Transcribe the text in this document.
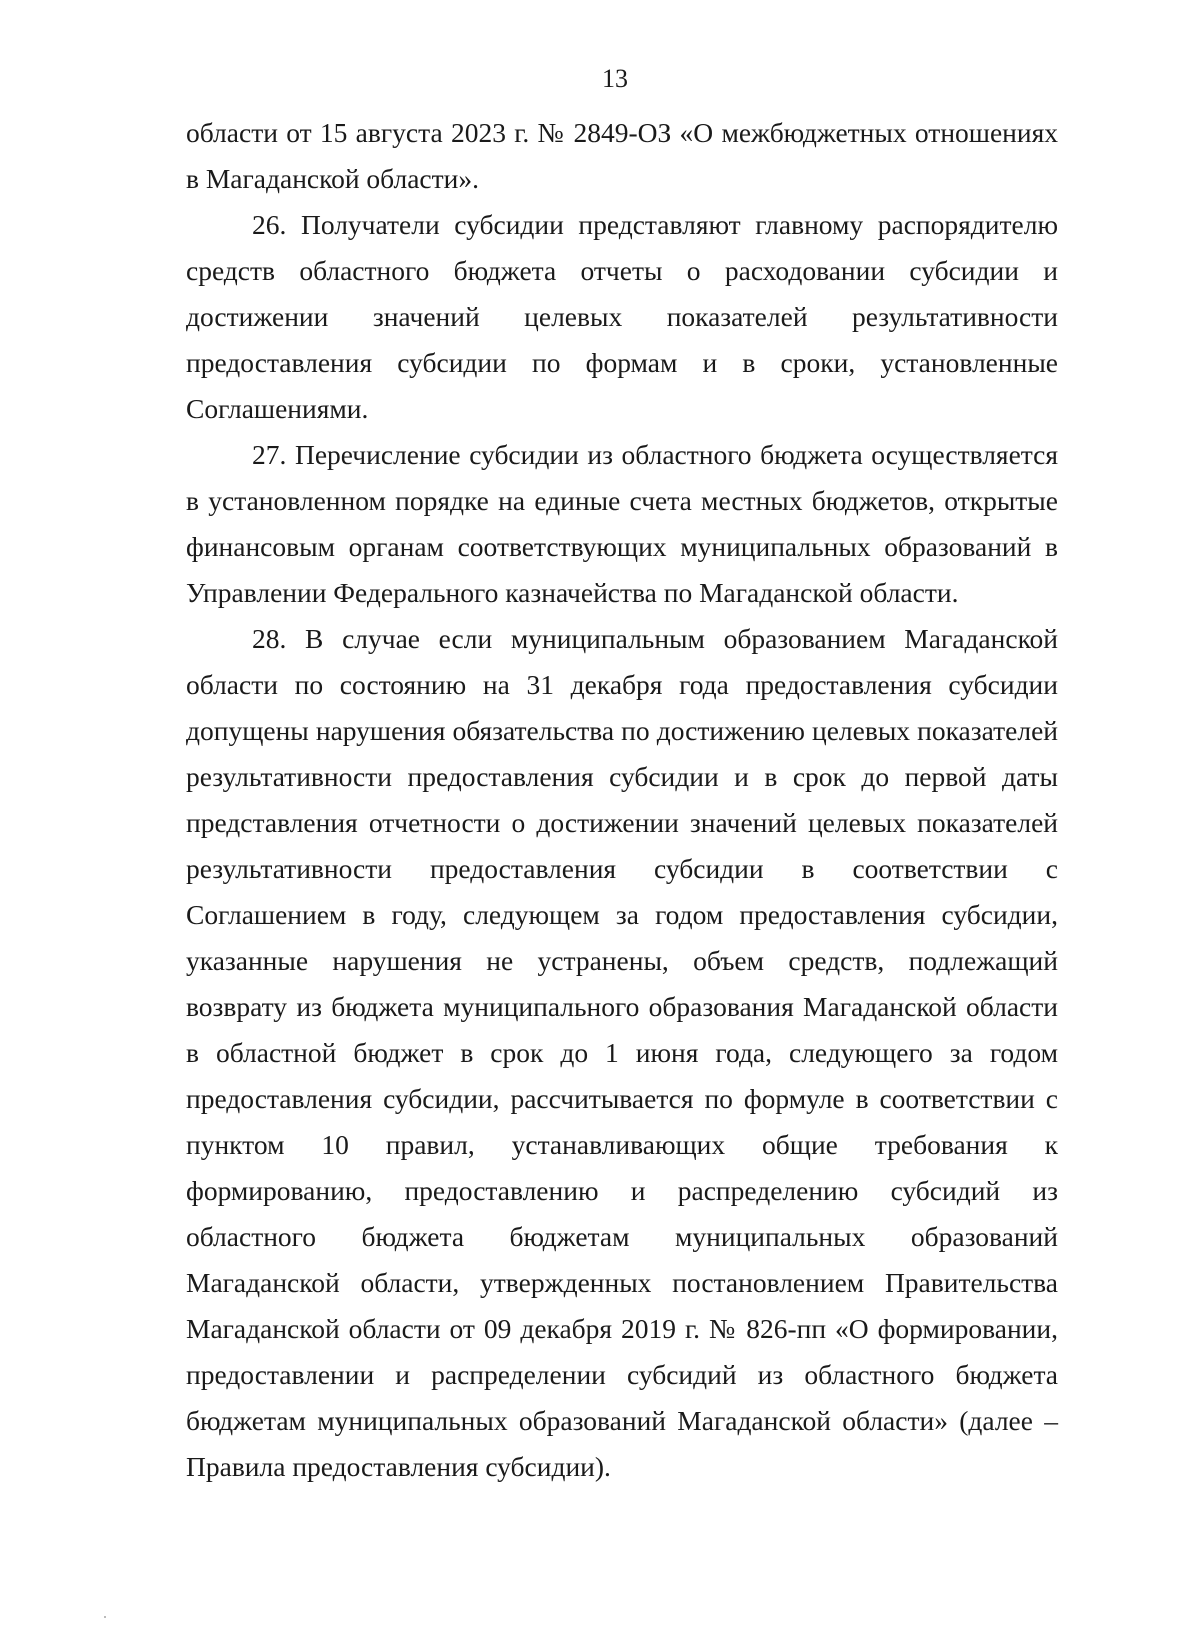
13

области от 15 августа 2023 г. № 2849-ОЗ «О межбюджетных отношениях в Магаданской области».

26. Получатели субсидии представляют главному распорядителю средств областного бюджета отчеты о расходовании субсидии и достижении значений целевых показателей результативности предоставления субсидии по формам и в сроки, установленные Соглашениями.

27. Перечисление субсидии из областного бюджета осуществляется в установленном порядке на единые счета местных бюджетов, открытые финансовым органам соответствующих муниципальных образований в Управлении Федерального казначейства по Магаданской области.

28. В случае если муниципальным образованием Магаданской области по состоянию на 31 декабря года предоставления субсидии допущены нарушения обязательства по достижению целевых показателей результативности предоставления субсидии и в срок до первой даты представления отчетности о достижении значений целевых показателей результативности предоставления субсидии в соответствии с Соглашением в году, следующем за годом предоставления субсидии, указанные нарушения не устранены, объем средств, подлежащий возврату из бюджета муниципального образования Магаданской области в областной бюджет в срок до 1 июня года, следующего за годом предоставления субсидии, рассчитывается по формуле в соответствии с пунктом 10 правил, устанавливающих общие требования к формированию, предоставлению и распределению субсидий из областного бюджета бюджетам муниципальных образований Магаданской области, утвержденных постановлением Правительства Магаданской области от 09 декабря 2019 г. № 826-пп «О формировании, предоставлении и распределении субсидий из областного бюджета бюджетам муниципальных образований Магаданской области» (далее – Правила предоставления субсидии).
